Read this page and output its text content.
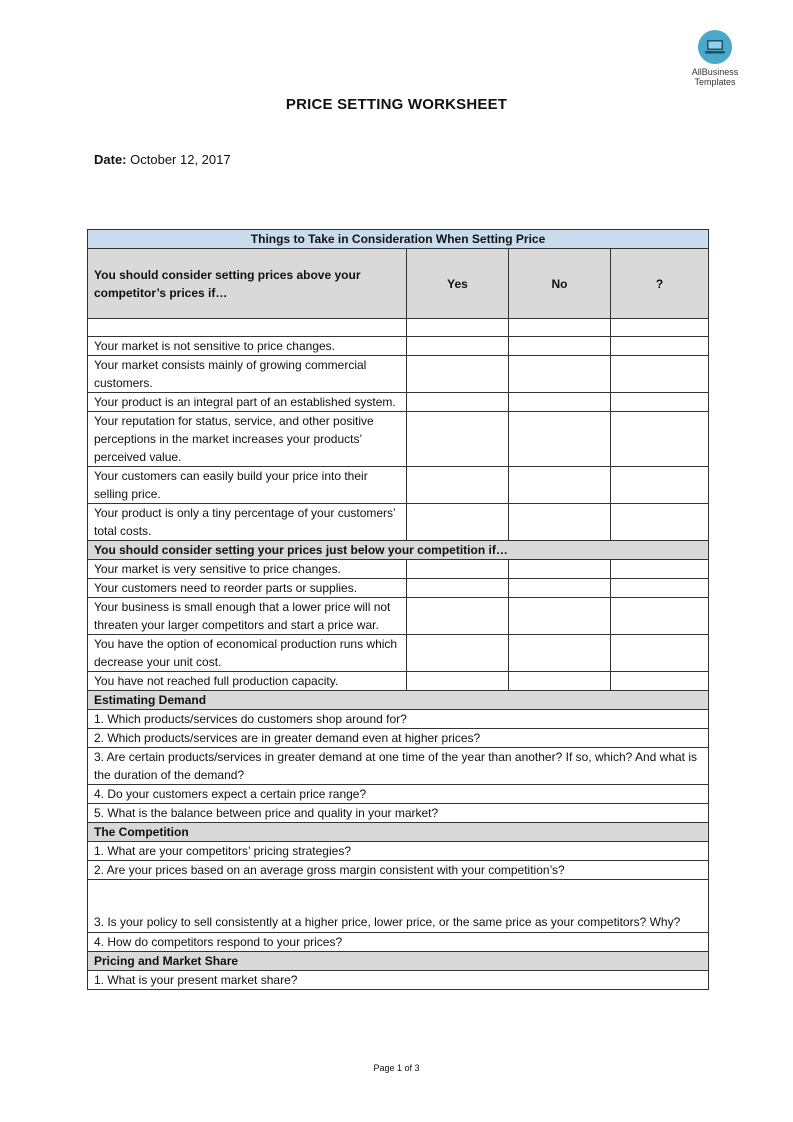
AllBusiness
Templates
PRICE SETTING WORKSHEET
Date: October 12, 2017
Things to Take in Consideration When Setting Price			
You should consider setting prices above your competitor’s prices if…	Yes	No	?

Your market is not sensitive to price changes.			
Your market consists mainly of growing commercial customers.			
Your product is an integral part of an established system.			
Your reputation for status, service, and other positive perceptions in the market increases your products’ perceived value.			
Your customers can easily build your price into their selling price.			
Your product is only a tiny percentage of your customers’ total costs.			
You should consider setting your prices just below your competition if…			
Your market is very sensitive to price changes.			
Your customers need to reorder parts or supplies.			
Your business is small enough that a lower price will not threaten your larger competitors and start a price war.			
You have the option of economical production runs which decrease your unit cost.			
You have not reached full production capacity.			
Estimating Demand			
1. Which products/services do customers shop around for?			
2. Which products/services are in greater demand even at higher prices?			
3. Are certain products/services in greater demand at one time of the year than another? If so, which? And what is the duration of the demand?			
4. Do your customers expect a certain price range?			
5. What is the balance between price and quality in your market?			
The Competition			
1. What are your competitors’ pricing strategies?			
2. Are your prices based on an average gross margin consistent with your competition’s?			
3. Is your policy to sell consistently at a higher price, lower price, or the same price as your competitors? Why?			
4. How do competitors respond to your prices?			
Pricing and Market Share			
1. What is your present market share?			
Page 1 of 3
